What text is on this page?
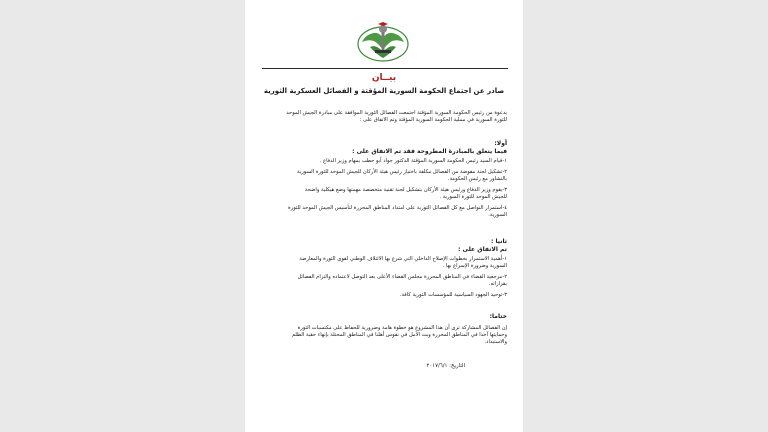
بيــان
صادر عن اجتماع الحكومة السورية المؤقتة و الفصائل العسكرية الثورية
بدعوة من رئيس الحكومة السورية المؤقتة اجتمعت الفصائل الثورية الموافقة على مبادرة الجيش الموحد
للثورة السورية في مملية الحكومة السورية المؤقتة وتم الاتفاق على :
أولا:
فيما يتعلق بالمبادرة المطروحة فقد تم الاتفاق على :
١-قيام السيد رئيس الحكومة السورية المؤقتة الدكتور جواد أبو حطب بمهام وزير الدفاع .
٢-تشكيل لجنة مفوضة من الفصائل مكلفة باختيار رئيس هيئة الأركان للجيش الموحد للثورة السورية
بالتشاور مع رئيس الحكومة.
٣-يقوم وزير الدفاع ورئيس هيئة الأركان بتشكيل لجنة تقنية متخصصة مهمتها وضع هيكلية واضحة
للجيش الموحد للثورة السورية .
٤-استمرار التواصل مع كل الفصائل الثورية على امتداد المناطق المحررة لتأسيس الجيش الموحد للثورة
السورية.
ثانيا :
تم الاتفاق على :
١-أهمية الاستمرار بخطوات الإصلاح الداخلي التي شرع بها الائتلاف الوطني لقوى الثورة والمعارضة
السورية وضرورة الإسراع بها .
٢-مرجعية القضاء في المناطق المحررة مجلس القضاء الأعلى بعد التوصل لاعتماده والتزام الفصائل
بقراراته.
٣-توحيد الجهود السياسية للمؤسسات الثورية كافة.
ختاما:
إن الفصائل المشاركة ترى أن هذا المشروع هو خطوة هامة وضرورية للحفاظ على مكتسبات الثورة
وحمايتها آخذا في المناطق المحررة وبث الأمل في نفوس أهلنا في المناطق المحتلة بإنهاء حقبة الظلم
والاستبداد.
التاريخ: ٢٠١٧/٦/١
